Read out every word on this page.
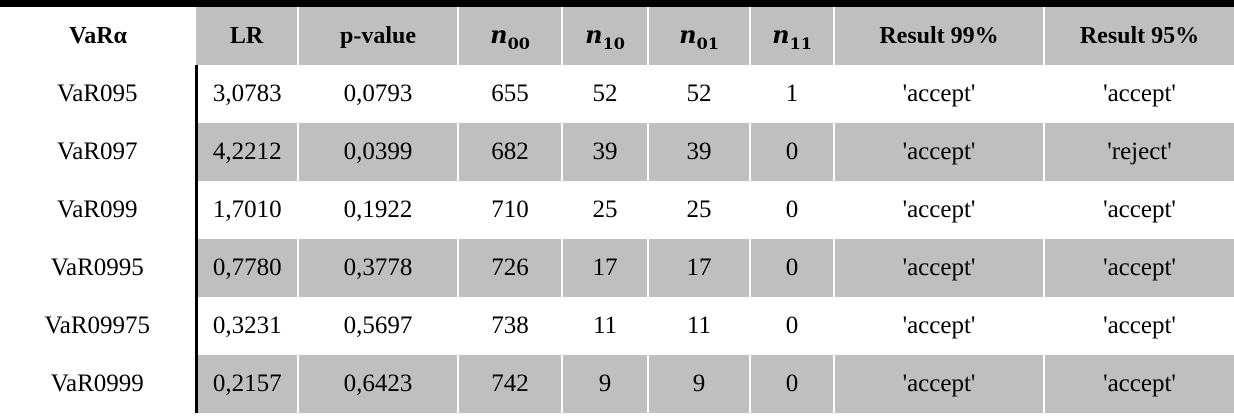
VaRα	LR	p-value	$n_{00}$	$n_{10}$	$n_{01}$	$n_{11}$	Result 99%	Result 95%
VaR095	3,0783	0,0793	655	52	52	1	'accept'	'accept'
VaR097	4,2212	0,0399	682	39	39	0	'accept'	'reject'
VaR099	1,7010	0,1922	710	25	25	0	'accept'	'accept'
VaR0995	0,7780	0,3778	726	17	17	0	'accept'	'accept'
VaR09975	0,3231	0,5697	738	11	11	0	'accept'	'accept'
VaR0999	0,2157	0,6423	742	9	9	0	'accept'	'accept'
